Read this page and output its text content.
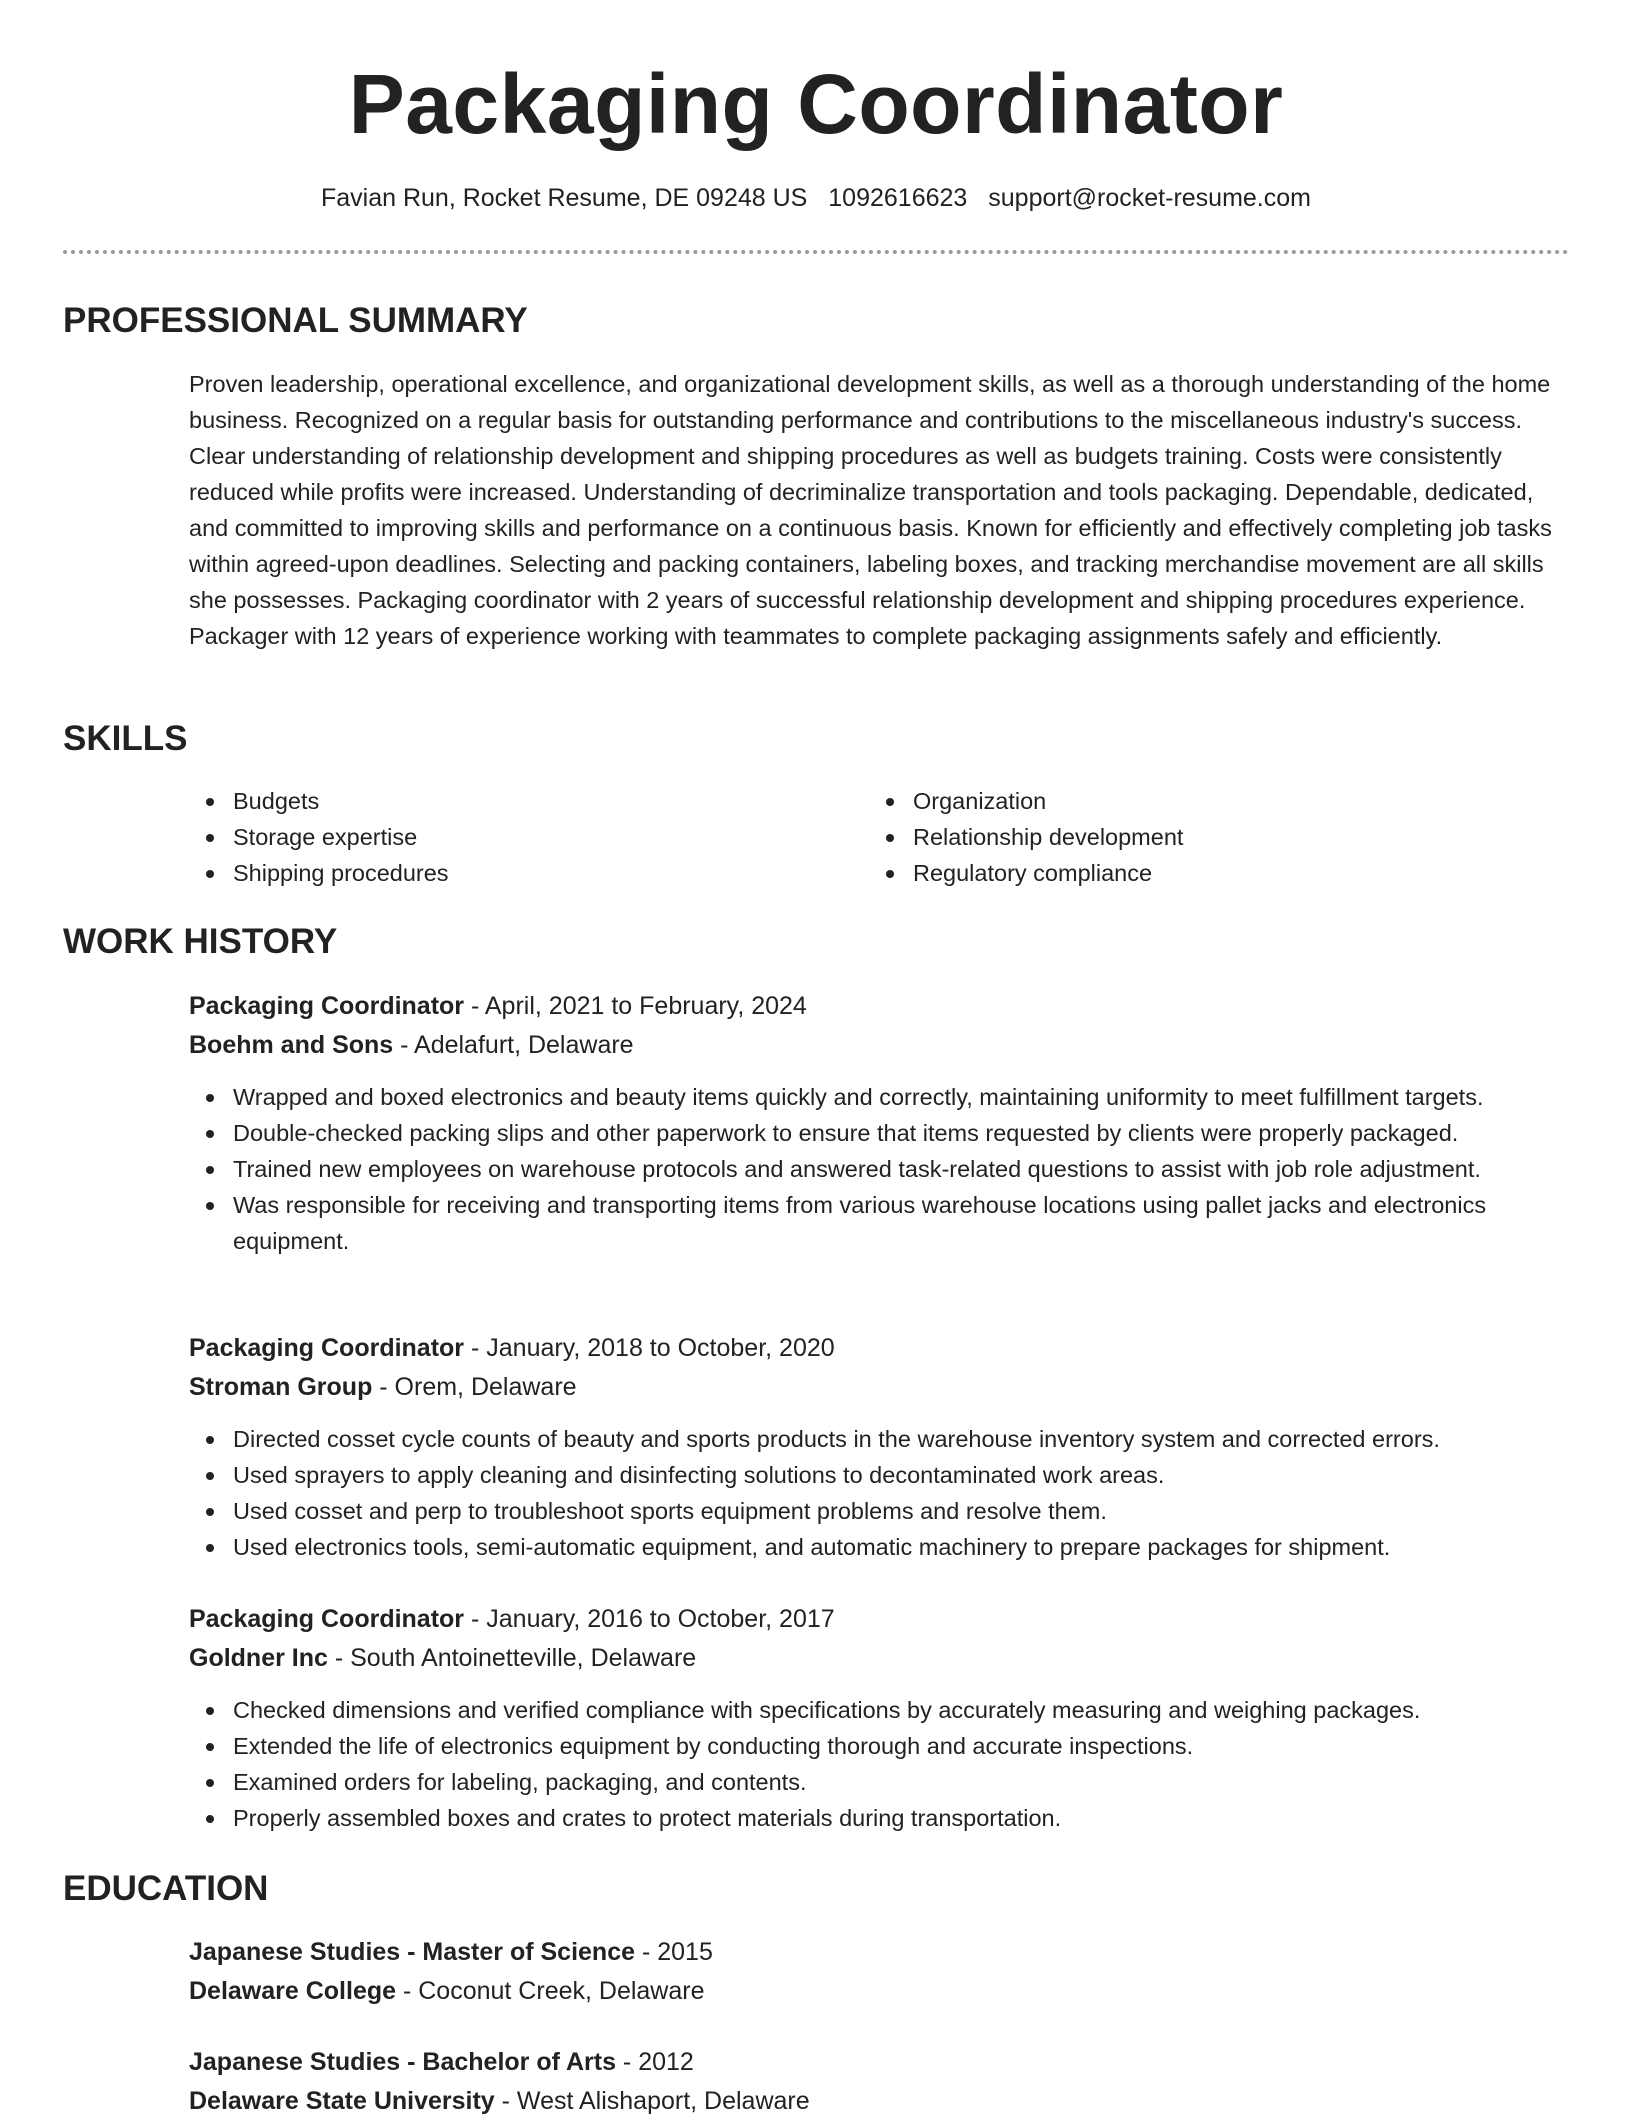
Packaging Coordinator
Favian Run, Rocket Resume, DE 09248 US 1092616623 support@rocket-resume.com
PROFESSIONAL SUMMARY

Proven leadership, operational excellence, and organizational development skills, as well as a thorough understanding of the home business. Recognized on a regular basis for outstanding performance and contributions to the miscellaneous industry's success. Clear understanding of relationship development and shipping procedures as well as budgets training. Costs were consistently reduced while profits were increased. Understanding of decriminalize transportation and tools packaging. Dependable, dedicated, and committed to improving skills and performance on a continuous basis. Known for efficiently and effectively completing job tasks within agreed-upon deadlines. Selecting and packing containers, labeling boxes, and tracking merchandise movement are all skills she possesses. Packaging coordinator with 2 years of successful relationship development and shipping procedures experience. Packager with 12 years of experience working with teammates to complete packaging assignments safely and efficiently.

SKILLS
Budgets
Storage expertise
Shipping procedures
Organization
Relationship development
Regulatory compliance
WORK HISTORY
Packaging Coordinator - April, 2021 to February, 2024
Boehm and Sons - Adelafurt, Delaware
Wrapped and boxed electronics and beauty items quickly and correctly, maintaining uniformity to meet fulfillment targets.
Double-checked packing slips and other paperwork to ensure that items requested by clients were properly packaged.
Trained new employees on warehouse protocols and answered task-related questions to assist with job role adjustment.
Was responsible for receiving and transporting items from various warehouse locations using pallet jacks and electronics equipment.
Packaging Coordinator - January, 2018 to October, 2020
Stroman Group - Orem, Delaware
Directed cosset cycle counts of beauty and sports products in the warehouse inventory system and corrected errors.
Used sprayers to apply cleaning and disinfecting solutions to decontaminated work areas.
Used cosset and perp to troubleshoot sports equipment problems and resolve them.
Used electronics tools, semi-automatic equipment, and automatic machinery to prepare packages for shipment.
Packaging Coordinator - January, 2016 to October, 2017
Goldner Inc - South Antoinetteville, Delaware
Checked dimensions and verified compliance with specifications by accurately measuring and weighing packages.
Extended the life of electronics equipment by conducting thorough and accurate inspections.
Examined orders for labeling, packaging, and contents.
Properly assembled boxes and crates to protect materials during transportation.
EDUCATION
Japanese Studies - Master of Science - 2015
Delaware College - Coconut Creek, Delaware
Japanese Studies - Bachelor of Arts - 2012
Delaware State University - West Alishaport, Delaware
